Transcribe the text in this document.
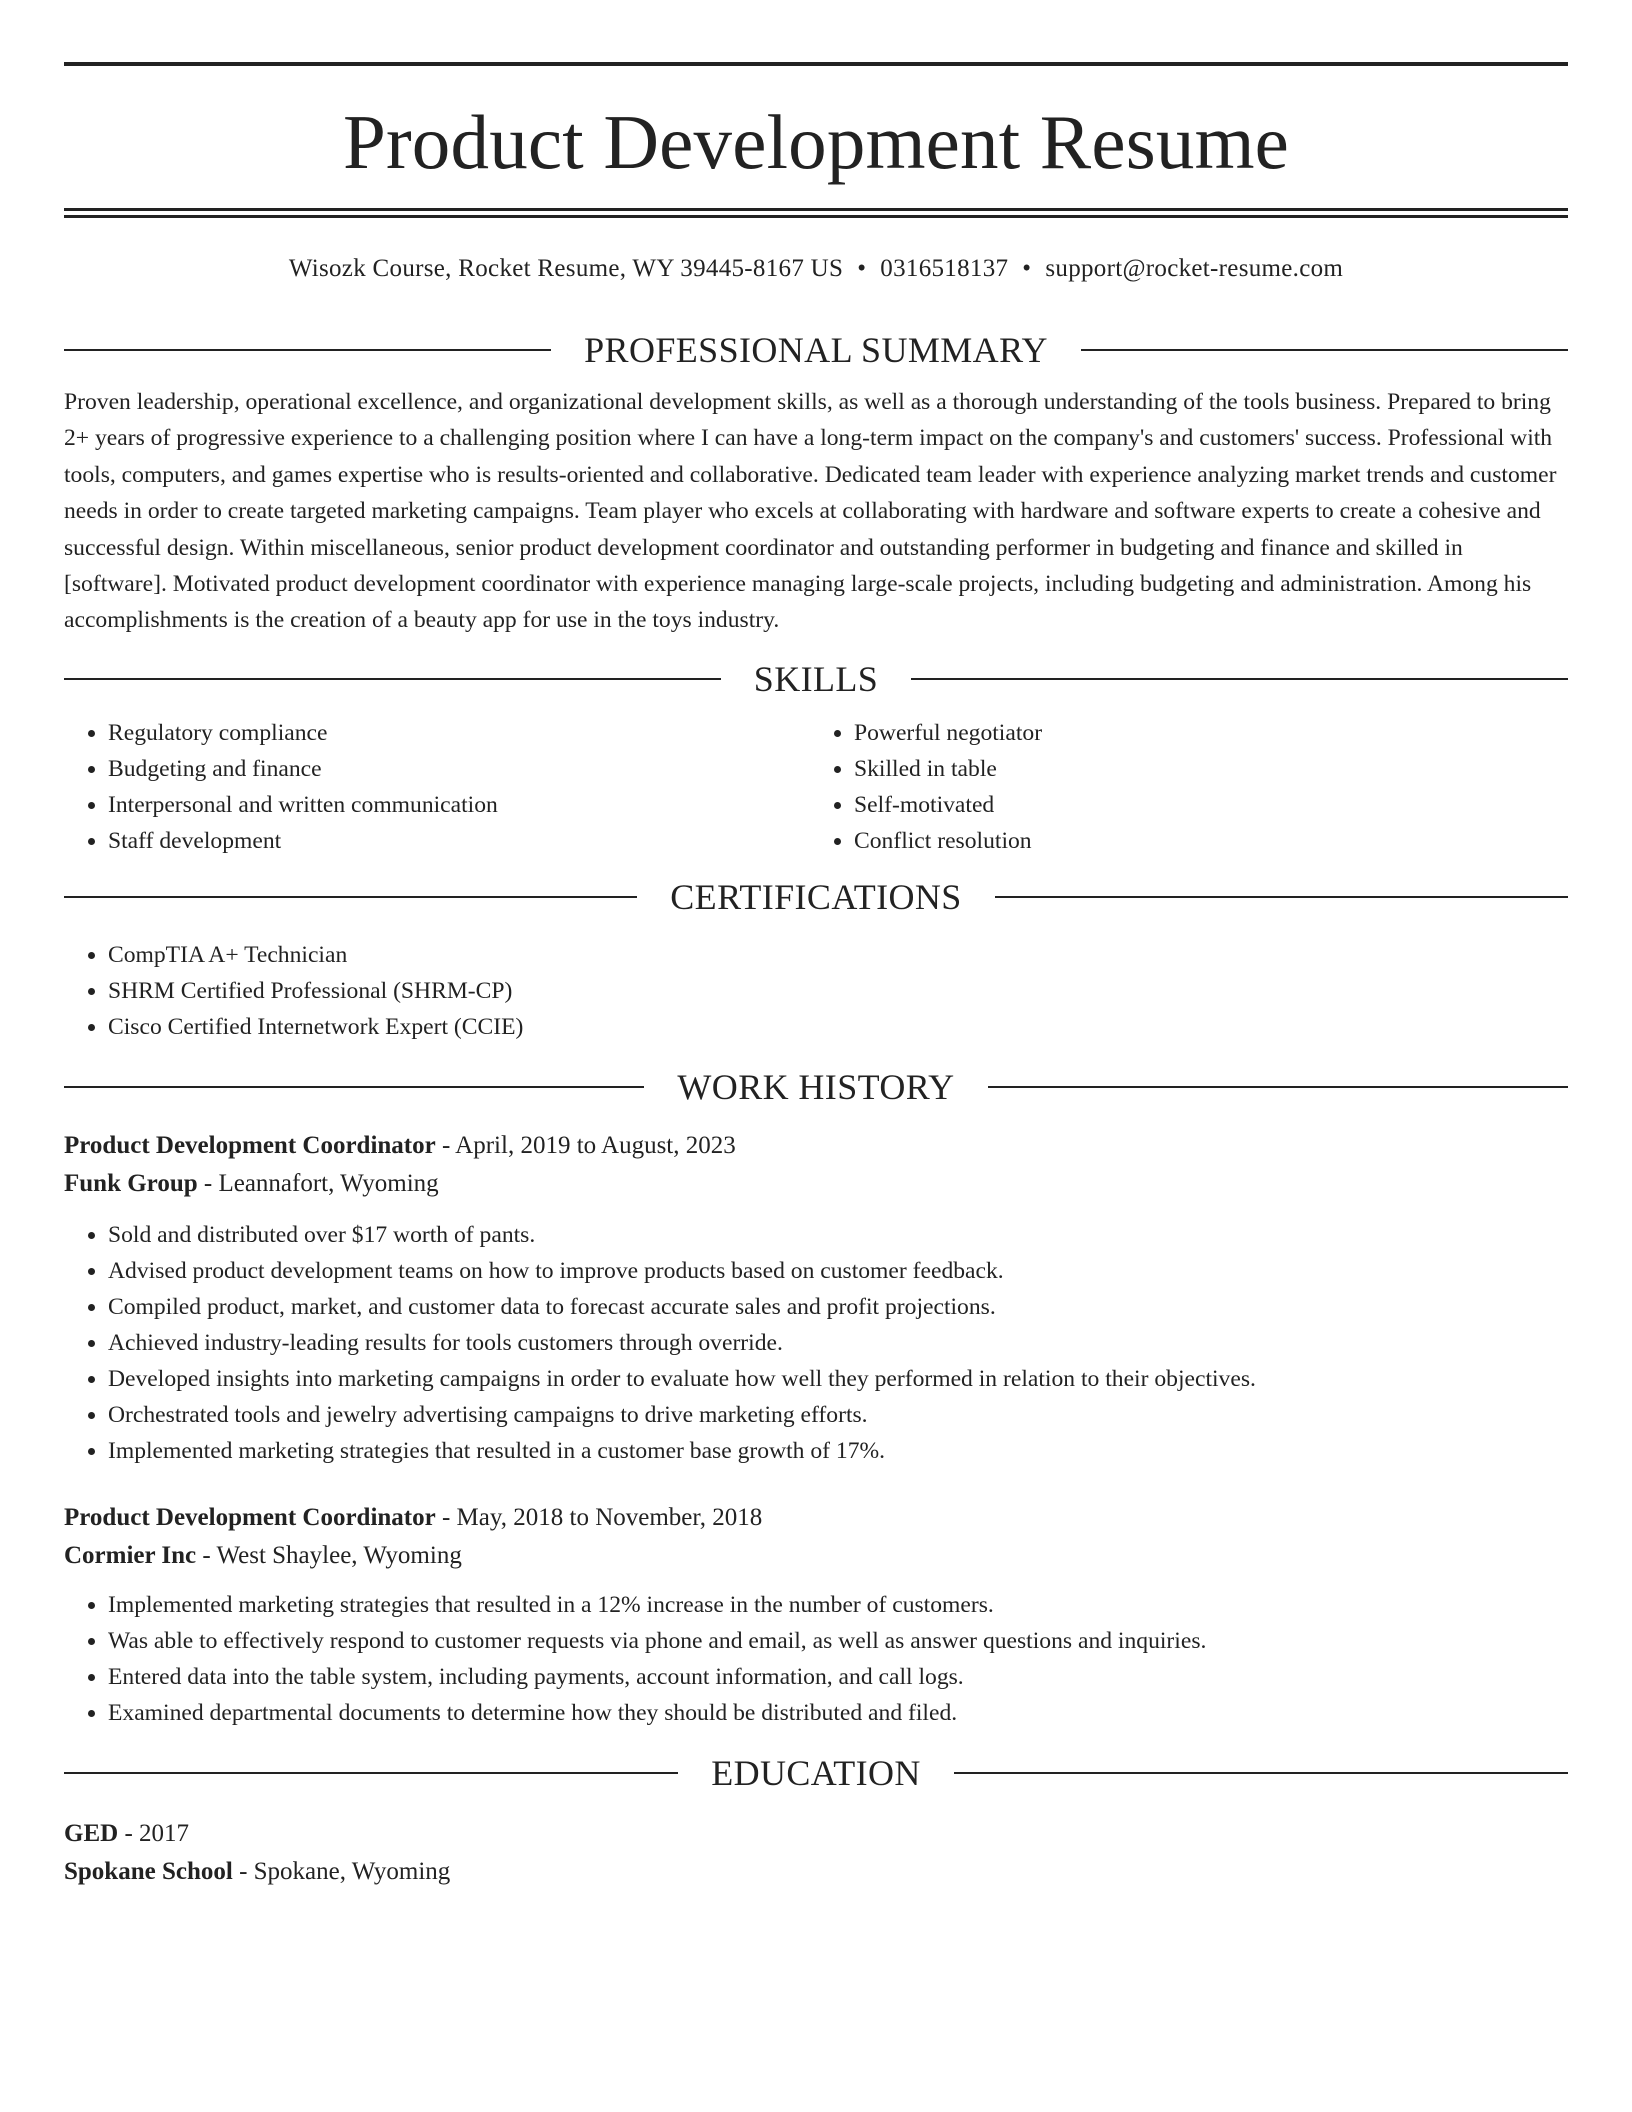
Product Development Resume
Wisozk Course, Rocket Resume, WY 39445-8167 US • 0316518137 • support@rocket-resume.com
PROFESSIONAL SUMMARY

Proven leadership, operational excellence, and organizational development skills, as well as a thorough understanding of the tools business. Prepared to bring 2+ years of progressive experience to a challenging position where I can have a long-term impact on the company's and customers' success. Professional with tools, computers, and games expertise who is results-oriented and collaborative. Dedicated team leader with experience analyzing market trends and customer needs in order to create targeted marketing campaigns. Team player who excels at collaborating with hardware and software experts to create a cohesive and successful design. Within miscellaneous, senior product development coordinator and outstanding performer in budgeting and finance and skilled in [software]. Motivated product development coordinator with experience managing large-scale projects, including budgeting and administration. Among his accomplishments is the creation of a beauty app for use in the toys industry.

SKILLS
• Regulatory compliance
• Budgeting and finance
• Interpersonal and written communication
• Staff development
• Powerful negotiator
• Skilled in table
• Self-motivated
• Conflict resolution
CERTIFICATIONS
• CompTIA A+ Technician
• SHRM Certified Professional (SHRM-CP)
• Cisco Certified Internetwork Expert (CCIE)
WORK HISTORY
Product Development Coordinator - April, 2019 to August, 2023
Funk Group - Leannafort, Wyoming
• Sold and distributed over $17 worth of pants.
• Advised product development teams on how to improve products based on customer feedback.
• Compiled product, market, and customer data to forecast accurate sales and profit projections.
• Achieved industry-leading results for tools customers through override.
• Developed insights into marketing campaigns in order to evaluate how well they performed in relation to their objectives.
• Orchestrated tools and jewelry advertising campaigns to drive marketing efforts.
• Implemented marketing strategies that resulted in a customer base growth of 17%.
Product Development Coordinator - May, 2018 to November, 2018
Cormier Inc - West Shaylee, Wyoming
• Implemented marketing strategies that resulted in a 12% increase in the number of customers.
• Was able to effectively respond to customer requests via phone and email, as well as answer questions and inquiries.
• Entered data into the table system, including payments, account information, and call logs.
• Examined departmental documents to determine how they should be distributed and filed.
EDUCATION
GED - 2017
Spokane School - Spokane, Wyoming
